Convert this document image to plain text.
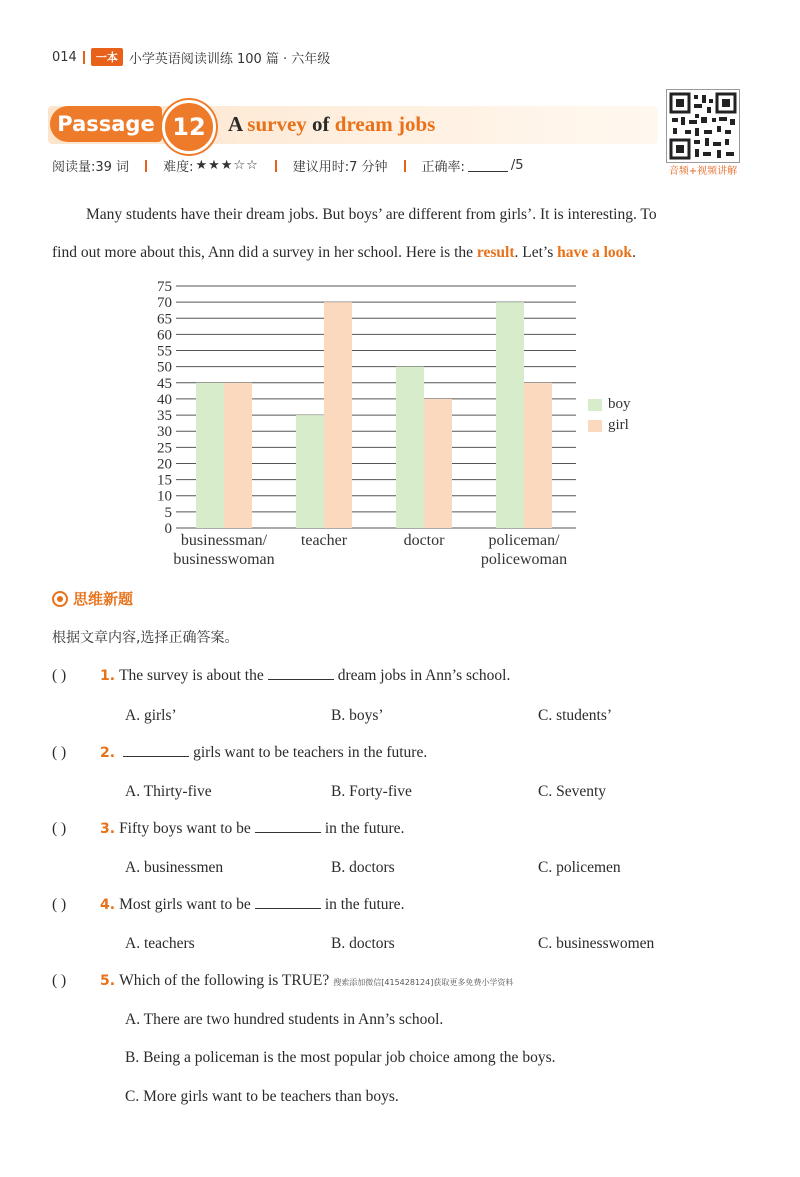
014	一本 小学英语阅读训练 100 篇 · 六年级
Passage 12	A survey of dream jobs
音频+视频讲解
阅读量:39 词	难度: ★★★☆☆	建议用时:7 分钟	正确率:	/5
Many students have their dream jobs. But boys’ are different from girls’. It is interesting. To
find out more about this, Ann did a survey in her school. Here is the result. Let’s have a look.
0
5
10
15
20
25
30
35
40
45
50
55
60
65
70
75
businessman/
businesswoman
teacher	doctor	policeman/
policewoman
boy
girl
思维新题
根据文章内容,选择正确答案。
( ) 1. The survey is about the	dream jobs in Ann’s school.
A. girls’	B. boys’	C. students’
( ) 2.	girls want to be teachers in the future.
A. Thirty-five	B. Forty-five	C. Seventy
( ) 3. Fifty boys want to be	in the future.
A. businessmen	B. doctors	C. policemen
( ) 4. Most girls want to be	in the future.
A. teachers	B. doctors	C. businesswomen
( ) 5. Which of the following is TRUE? 搜索添加微信[415428124]获取更多免费小学资料
A. There are two hundred students in Ann’s school.
B. Being a policeman is the most popular job choice among the boys.
C. More girls want to be teachers than boys.
